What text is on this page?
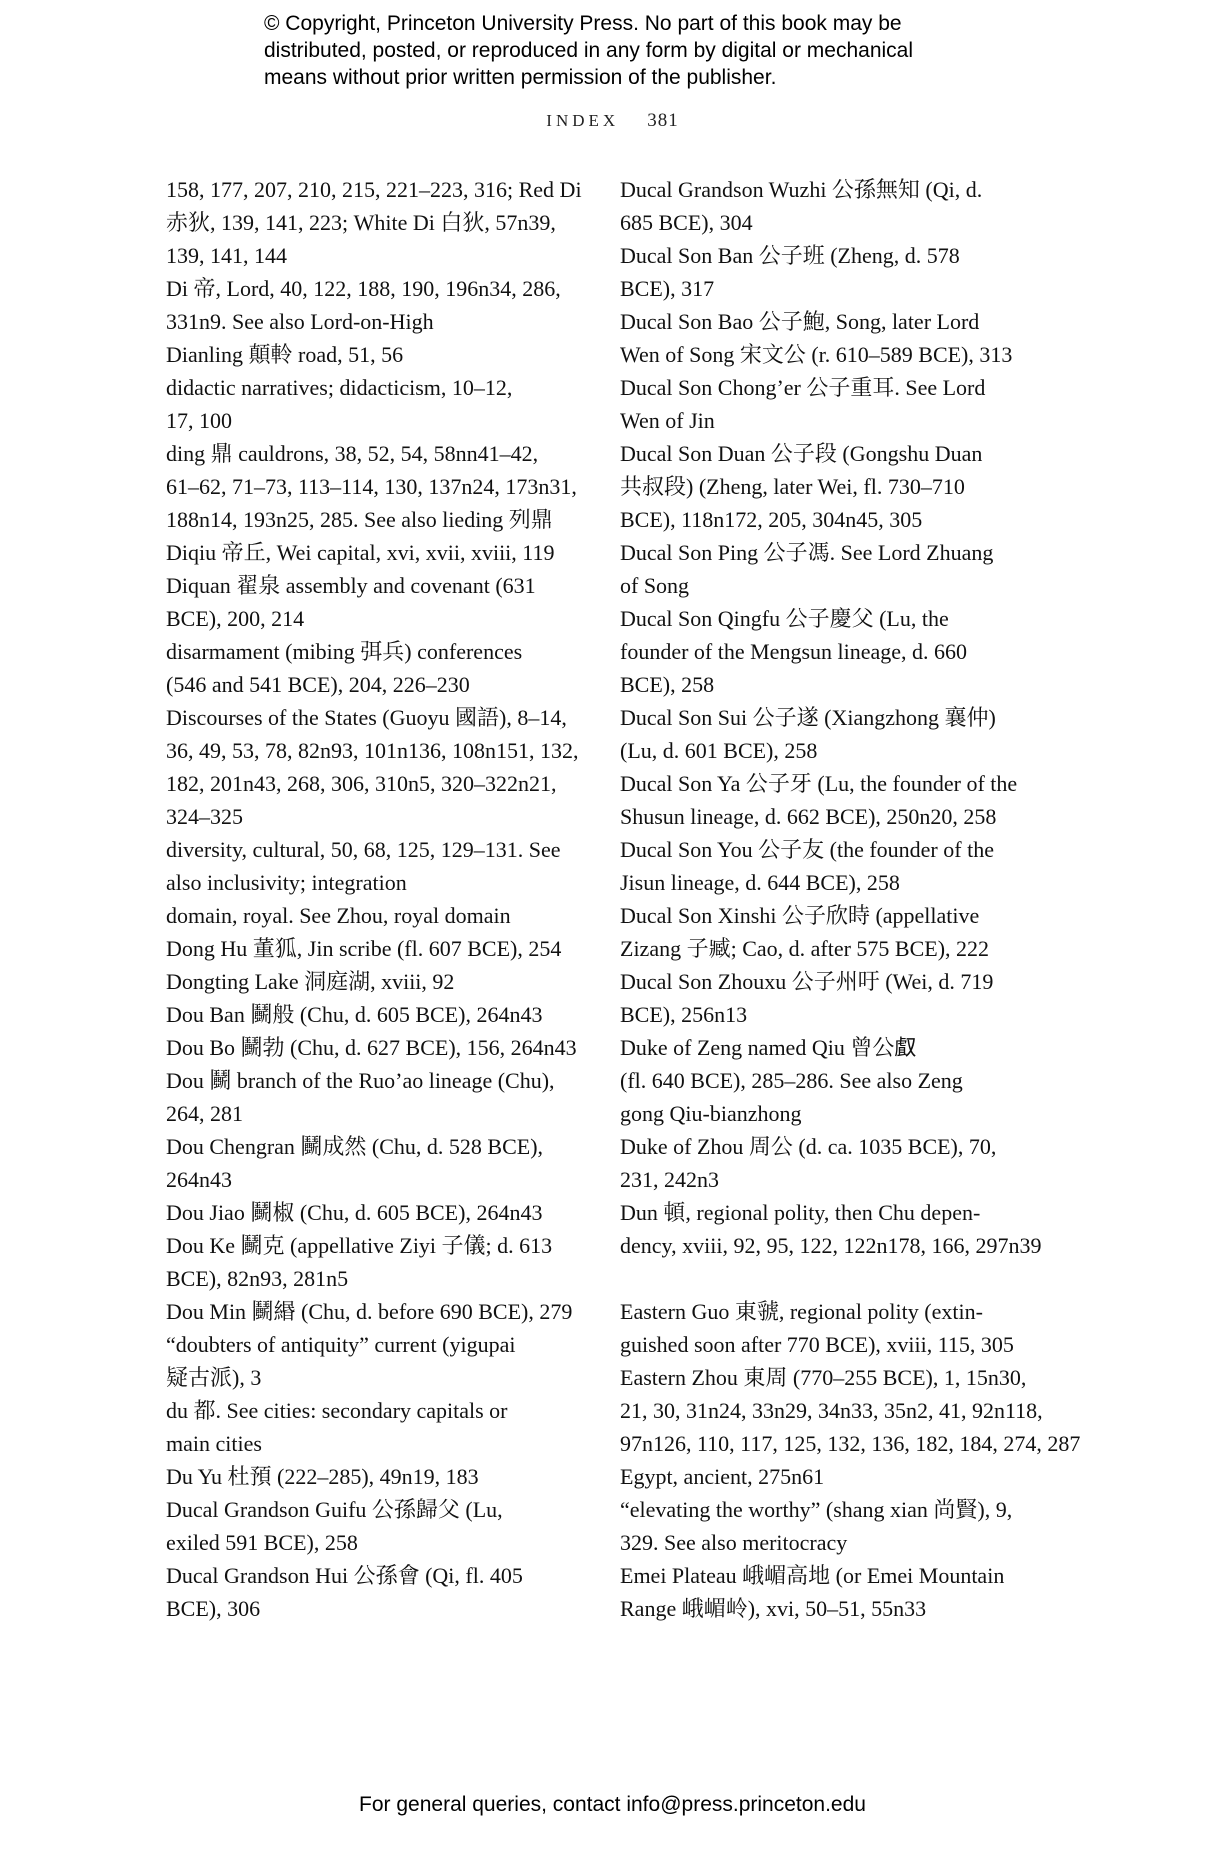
© Copyright, Princeton University Press. No part of this book may be
distributed, posted, or reproduced in any form by digital or mechanical
means without prior written permission of the publisher.
INDEX 381
158, 177, 207, 210, 215, 221–223, 316; Red Di
赤狄, 139, 141, 223; White Di 白狄, 57n39,
139, 141, 144
Di 帝, Lord, 40, 122, 188, 190, 196n34, 286,
331n9. See also Lord-on-High
Dianling 顛軨 road, 51, 56
didactic narratives; didacticism, 10–12,
17, 100
ding 鼎 cauldrons, 38, 52, 54, 58nn41–42,
61–62, 71–73, 113–114, 130, 137n24, 173n31,
188n14, 193n25, 285. See also lieding 列鼎
Diqiu 帝丘, Wei capital, xvi, xvii, xviii, 119
Diquan 翟泉 assembly and covenant (631
BCE), 200, 214
disarmament (mibing 弭兵) conferences
(546 and 541 BCE), 204, 226–230
Discourses of the States (Guoyu 國語), 8–14,
36, 49, 53, 78, 82n93, 101n136, 108n151, 132,
182, 201n43, 268, 306, 310n5, 320–322n21,
324–325
diversity, cultural, 50, 68, 125, 129–131. See
also inclusivity; integration
domain, royal. See Zhou, royal domain
Dong Hu 董狐, Jin scribe (fl. 607 BCE), 254
Dongting Lake 洞庭湖, xviii, 92
Dou Ban 鬭般 (Chu, d. 605 BCE), 264n43
Dou Bo 鬭勃 (Chu, d. 627 BCE), 156, 264n43
Dou 鬭 branch of the Ruo’ao lineage (Chu),
264, 281
Dou Chengran 鬭成然 (Chu, d. 528 BCE),
264n43
Dou Jiao 鬭椒 (Chu, d. 605 BCE), 264n43
Dou Ke 鬭克 (appellative Ziyi 子儀; d. 613
BCE), 82n93, 281n5
Dou Min 鬭緡 (Chu, d. before 690 BCE), 279
“doubters of antiquity” current (yigupai
疑古派), 3
du 都. See cities: secondary capitals or
main cities
Du Yu 杜預 (222–285), 49n19, 183
Ducal Grandson Guifu 公孫歸父 (Lu,
exiled 591 BCE), 258
Ducal Grandson Hui 公孫會 (Qi, fl. 405
BCE), 306
Ducal Grandson Wuzhi 公孫無知 (Qi, d.
685 BCE), 304
Ducal Son Ban 公子班 (Zheng, d. 578
BCE), 317
Ducal Son Bao 公子鮑, Song, later Lord
Wen of Song 宋文公 (r. 610–589 BCE), 313
Ducal Son Chong’er 公子重耳. See Lord
Wen of Jin
Ducal Son Duan 公子段 (Gongshu Duan
共叔段) (Zheng, later Wei, fl. 730–710
BCE), 118n172, 205, 304n45, 305
Ducal Son Ping 公子馮. See Lord Zhuang
of Song
Ducal Son Qingfu 公子慶父 (Lu, the
founder of the Mengsun lineage, d. 660
BCE), 258
Ducal Son Sui 公子遂 (Xiangzhong 襄仲)
(Lu, d. 601 BCE), 258
Ducal Son Ya 公子牙 (Lu, the founder of the
Shusun lineage, d. 662 BCE), 250n20, 258
Ducal Son You 公子友 (the founder of the
Jisun lineage, d. 644 BCE), 258
Ducal Son Xinshi 公子欣時 (appellative
Zizang 子臧; Cao, d. after 575 BCE), 222
Ducal Son Zhouxu 公子州吁 (Wei, d. 719
BCE), 256n13
Duke of Zeng named Qiu 曾公𠭯
(fl. 640 BCE), 285–286. See also Zeng
gong Qiu-bianzhong
Duke of Zhou 周公 (d. ca. 1035 BCE), 70,
231, 242n3
Dun 頓, regional polity, then Chu depen-
dency, xviii, 92, 95, 122, 122n178, 166, 297n39
Eastern Guo 東虢, regional polity (extin-
guished soon after 770 BCE), xviii, 115, 305
Eastern Zhou 東周 (770–255 BCE), 1, 15n30,
21, 30, 31n24, 33n29, 34n33, 35n2, 41, 92n118,
97n126, 110, 117, 125, 132, 136, 182, 184, 274, 287
Egypt, ancient, 275n61
“elevating the worthy” (shang xian 尚賢), 9,
329. See also meritocracy
Emei Plateau 峨嵋高地 (or Emei Mountain
Range 峨嵋岭), xvi, 50–51, 55n33
For general queries, contact info@press.princeton.edu
